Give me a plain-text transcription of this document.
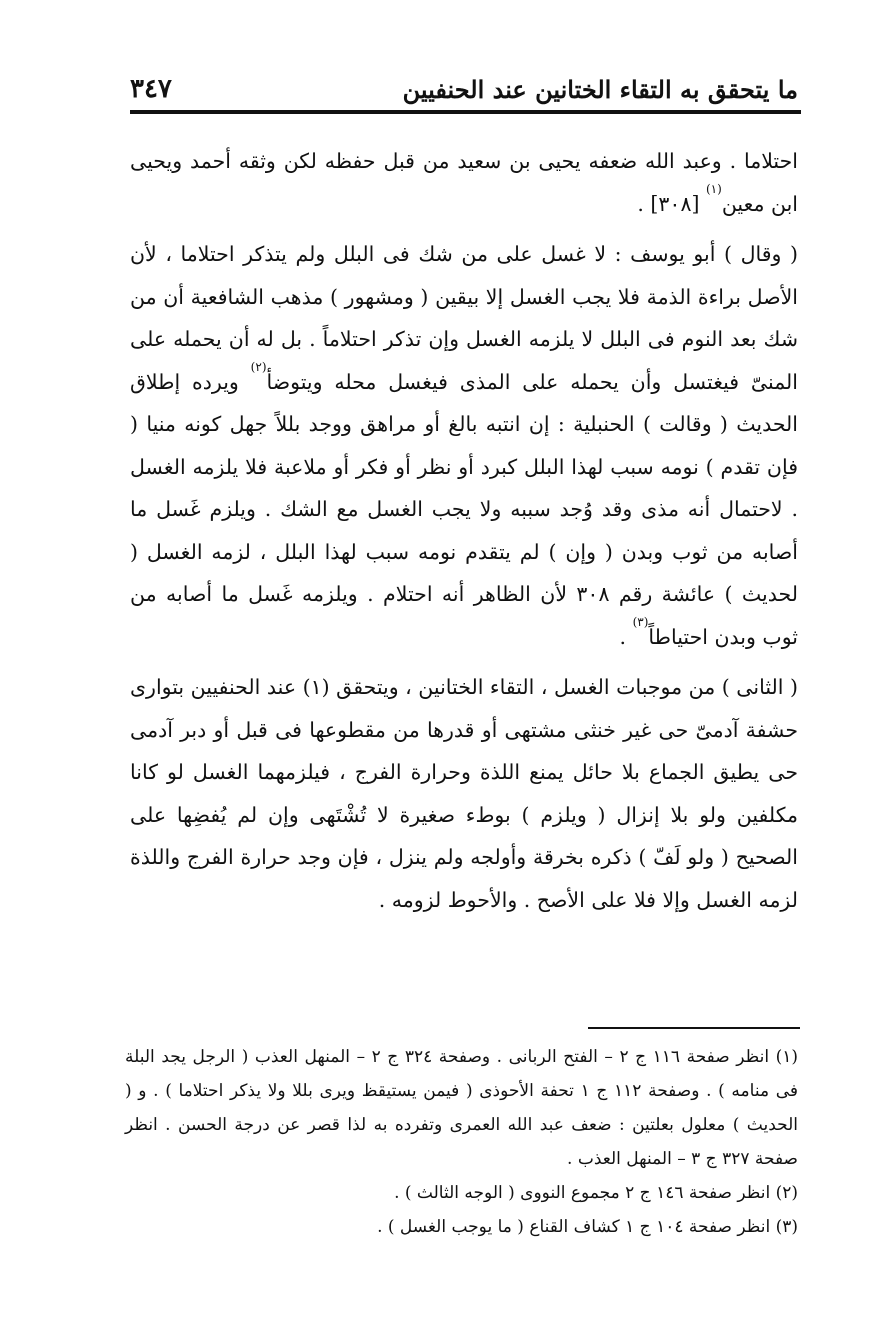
ما يتحقق به التقاء الختانين عند الحنفيين
٣٤٧

احتلاما . وعبد الله ضعفه يحيى بن سعيد من قبل حفظه لكن وثقه أحمد ويحيى ابن معين$^{(١)}$ [٣٠٨] .

( وقال ) أبو يوسف : لا غسل على من شك فى البلل ولم يتذكر احتلاما ، لأن الأصل براءة الذمة فلا يجب الغسل إلا بيقين ( ومشهور ) مذهب الشافعية أن من شك بعد النوم فى البلل لا يلزمه الغسل وإن تذكر احتلاماً . بل له أن يحمله على المنىّ فيغتسل وأن يحمله على المذى فيغسل محله ويتوضأ$^{(٢)}$ ويرده إطلاق الحديث ( وقالت ) الحنبلية : إن انتبه بالغ أو مراهق ووجد بللاً جهل كونه منيا ( فإن تقدم ) نومه سبب لهذا البلل كبرد أو نظر أو فكر أو ملاعبة فلا يلزمه الغسل . لاحتمال أنه مذى وقد وُجد سببه ولا يجب الغسل مع الشك . ويلزم غَسل ما أصابه من ثوب وبدن ( وإن ) لم يتقدم نومه سبب لهذا البلل ، لزمه الغسل ( لحديث ) عائشة رقم ٣٠٨ لأن الظاهر أنه احتلام . ويلزمه غَسل ما أصابه من ثوب وبدن احتياطاً$^{(٣)}$ .

( الثانى ) من موجبات الغسل ، التقاء الختانين ، ويتحقق (١) عند الحنفيين بتوارى حشفة آدمىّ حى غير خنثى مشتهى أو قدرها من مقطوعها فى قبل أو دبر آدمى حى يطيق الجماع بلا حائل يمنع اللذة وحرارة الفرج ، فيلزمهما الغسل لو كانا مكلفين ولو بلا إنزال ( ويلزم ) بوطء صغيرة لا تُشْتَهى وإن لم يُفضِها على الصحيح ( ولو لَفّ ) ذكره بخرقة وأولجه ولم ينزل ، فإن وجد حرارة الفرج واللذة لزمه الغسل وإلا فلا على الأصح . والأحوط لزومه .

(١) انظر صفحة ١١٦ ج ٢ – الفتح الربانى . وصفحة ٣٢٤ ج ٢ – المنهل العذب ( الرجل يجد البلة فى منامه ) . وصفحة ١١٢ ج ١ تحفة الأحوذى ( فيمن يستيقظ ويرى بللا ولا يذكر احتلاما ) . و ( الحديث ) معلول بعلتين : ضعف عبد الله العمرى وتفرده به لذا قصر عن درجة الحسن . انظر صفحة ٣٢٧ ج ٣ – المنهل العذب .

(٢) انظر صفحة ١٤٦ ج ٢ مجموع النووى ( الوجه الثالث ) .

(٣) انظر صفحة ١٠٤ ج ١ كشاف القناع ( ما يوجب الغسل ) .
